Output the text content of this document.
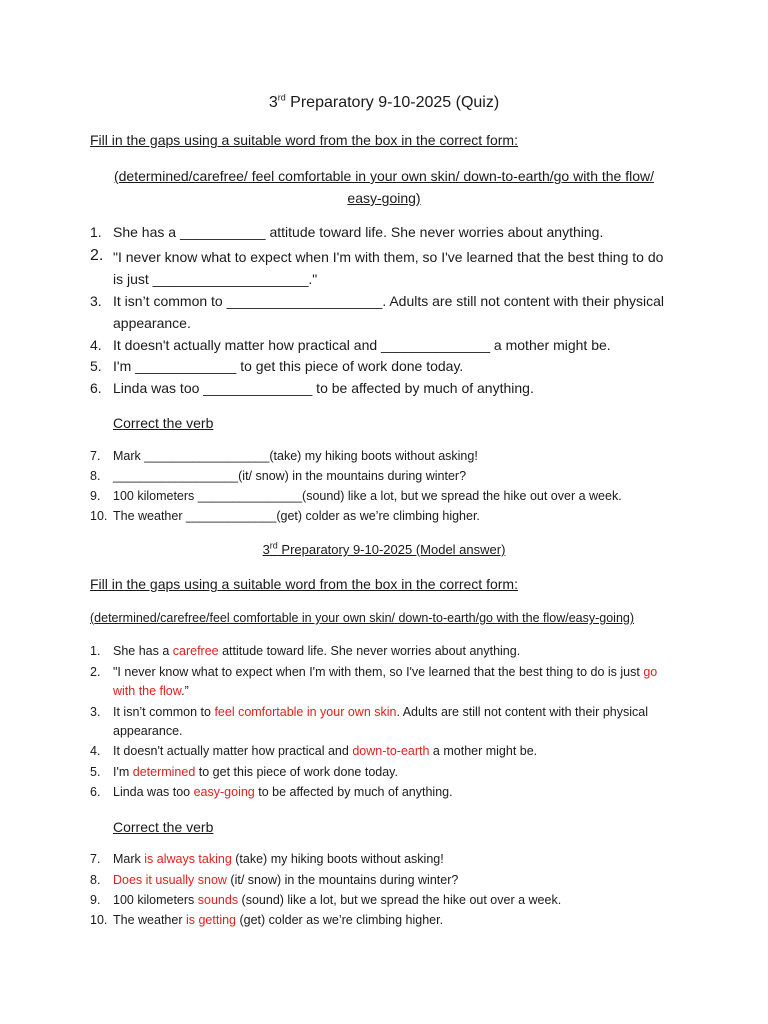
3rd Preparatory 9-10-2025 (Quiz)
Fill in the gaps using a suitable word from the box in the correct form:
(determined/carefree/ feel comfortable in your own skin/ down-to-earth/go with the flow/
easy-going)
1. She has a ___________ attitude toward life. She never worries about anything.
2. "I never know what to expect when I'm with them, so I've learned that the best thing to do
is just ____________________."
3. It isn’t common to ____________________. Adults are still not content with their physical
appearance.
4. It doesn't actually matter how practical and ______________ a mother might be.
5. I'm _____________ to get this piece of work done today.
6. Linda was too ______________ to be affected by much of anything.
Correct the verb
7. Mark __________________(take) my hiking boots without asking!
8. __________________(it/ snow) in the mountains during winter?
9. 100 kilometers _______________(sound) like a lot, but we spread the hike out over a week.
10. The weather _____________(get) colder as we’re climbing higher.
3rd Preparatory 9-10-2025 (Model answer)
Fill in the gaps using a suitable word from the box in the correct form:
(determined/carefree/feel comfortable in your own skin/ down-to-earth/go with the flow/easy-going)
1. She has a carefree attitude toward life. She never worries about anything.
2. "I never know what to expect when I'm with them, so I've learned that the best thing to do is just go
with the flow.”
3. It isn’t common to feel comfortable in your own skin. Adults are still not content with their physical
appearance.
4. It doesn't actually matter how practical and down-to-earth a mother might be.
5. I'm determined to get this piece of work done today.
6. Linda was too easy-going to be affected by much of anything.
Correct the verb
7. Mark is always taking (take) my hiking boots without asking!
8. Does it usually snow (it/ snow) in the mountains during winter?
9. 100 kilometers sounds (sound) like a lot, but we spread the hike out over a week.
10. The weather is getting (get) colder as we’re climbing higher.
